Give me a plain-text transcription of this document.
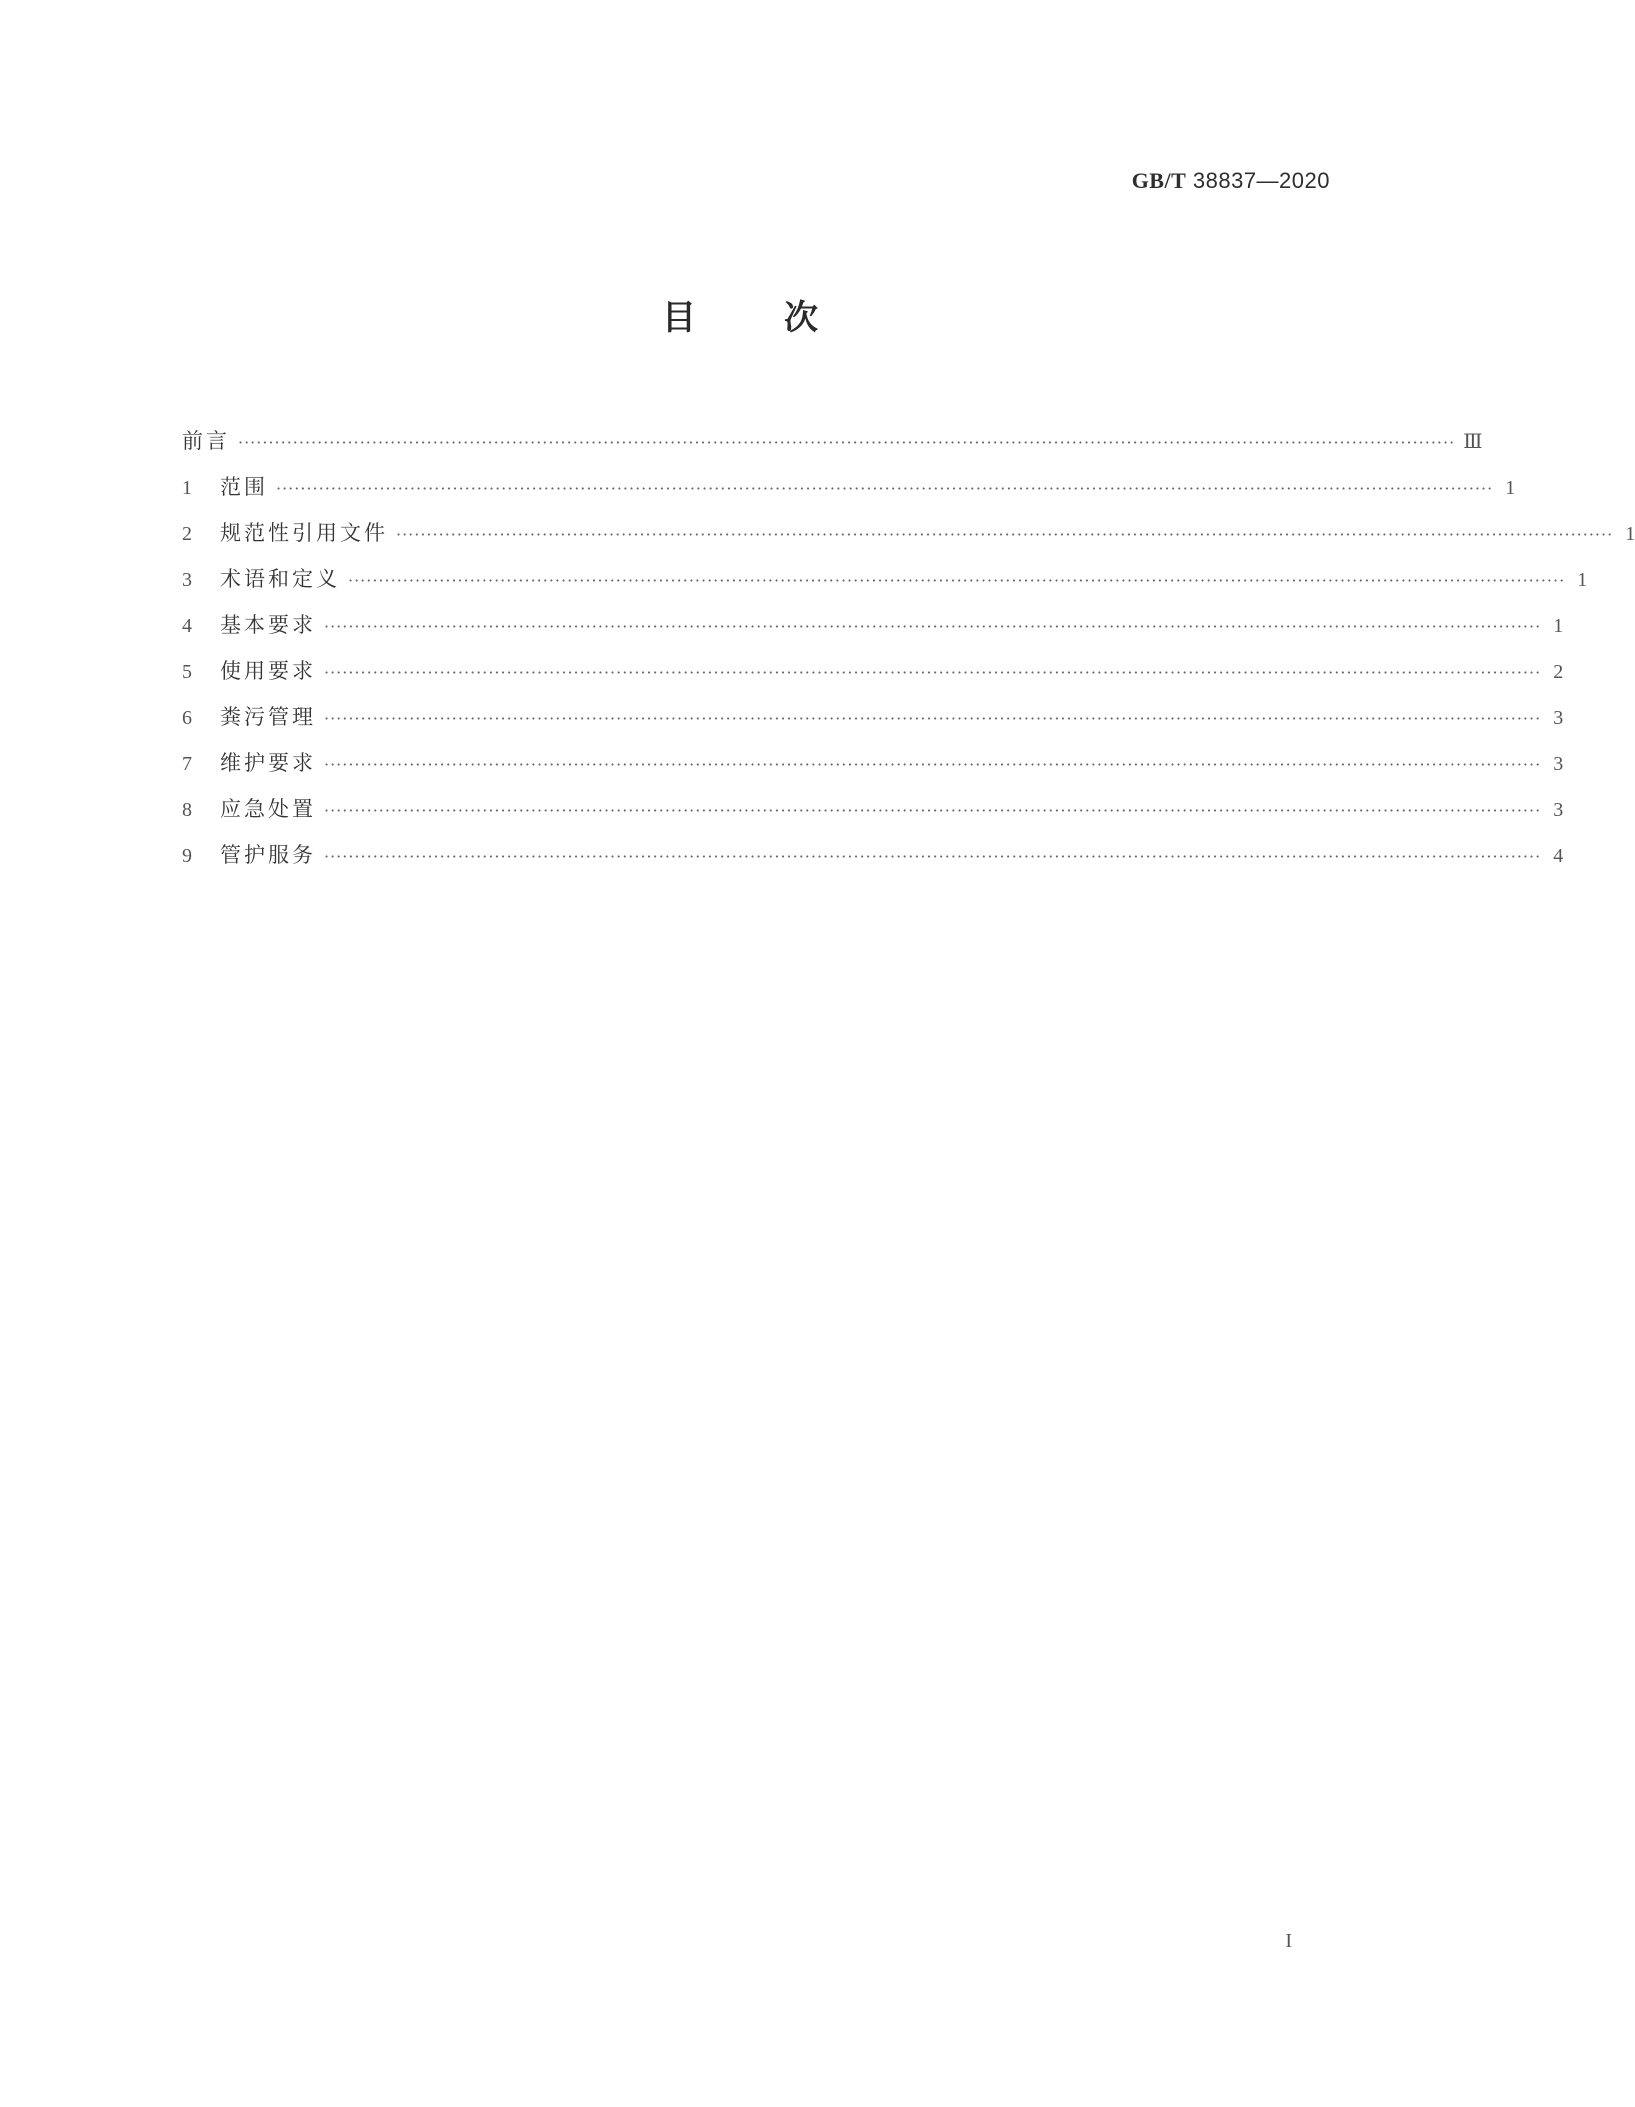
GB/T 38837—2020
目	次
前言 ········································································································································································································ Ⅲ
1	范围 ········································································································································································································ 1
2	规范性引用文件 ········································································································································································································ 1
3	术语和定义 ········································································································································································································ 1
4	基本要求 ········································································································································································································ 1
5	使用要求 ········································································································································································································ 2
6	粪污管理 ········································································································································································································ 3
7	维护要求 ········································································································································································································ 3
8	应急处置 ········································································································································································································ 3
9	管护服务 ········································································································································································································ 4
I
